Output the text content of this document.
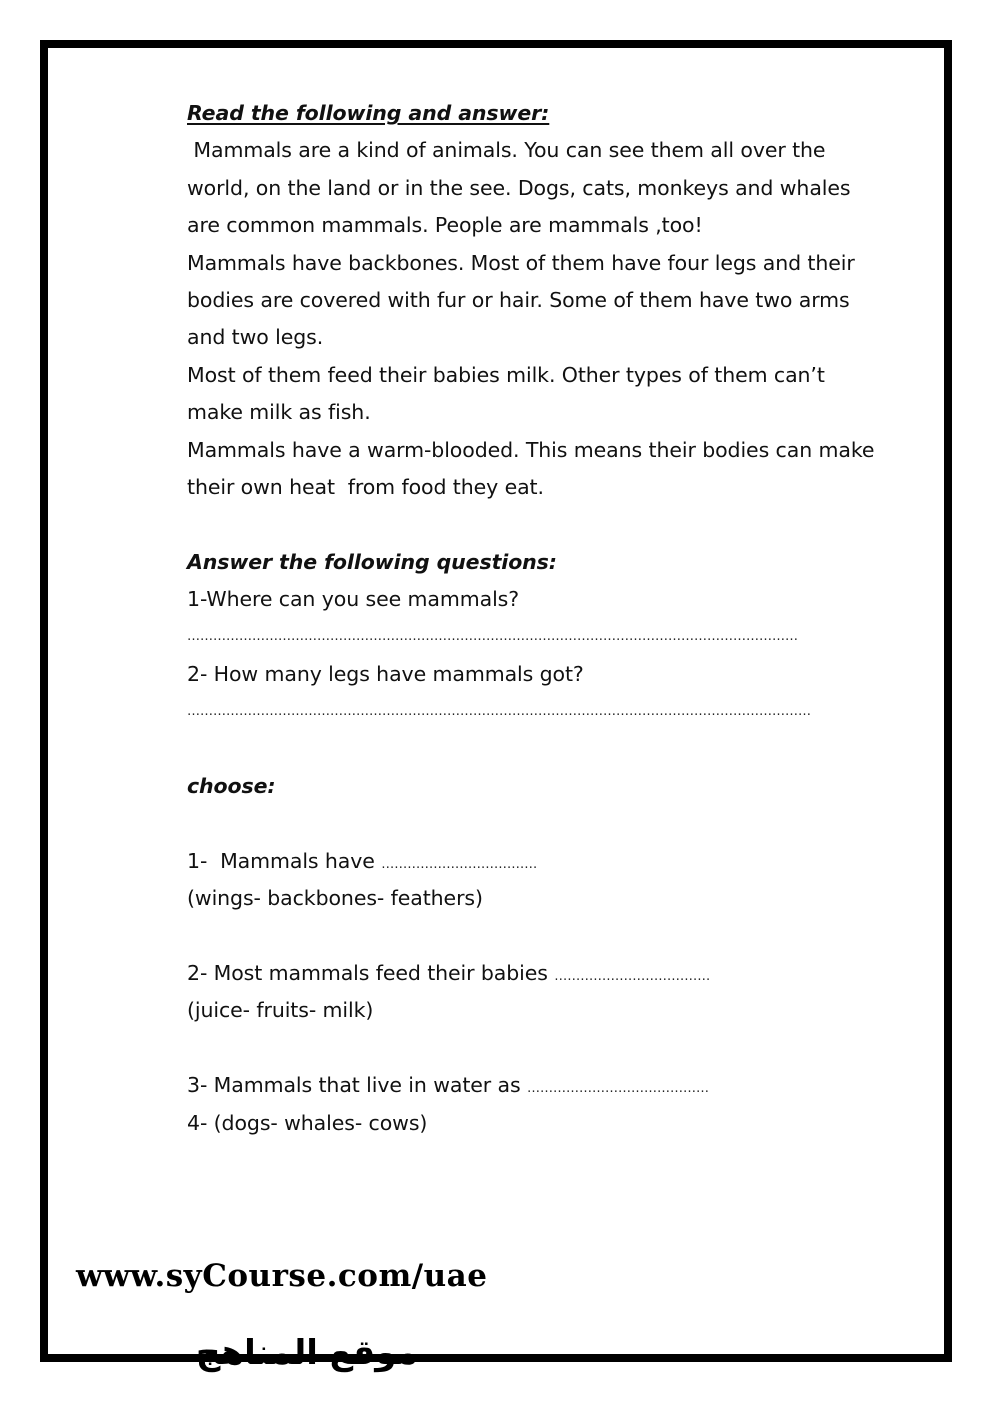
Read the following and answer:
Mammals are a kind of animals. You can see them all over the
world, on the land or in the see. Dogs, cats, monkeys and whales
are common mammals. People are mammals ,too!
Mammals have backbones. Most of them have four legs and their
bodies are covered with fur or hair. Some of them have two arms
and two legs.
Most of them feed their babies milk. Other types of them can’t
make milk as fish.
Mammals have a warm-blooded. This means their bodies can make
their own heat  from food they eat.
Answer the following questions:
1-Where can you see mammals?
……………………………………………………………………………………………………………………………
2- How many legs have mammals got?
………………………………………………………………………………………………………………………………
choose:
1-  Mammals have ………………………………
(wings- backbones- feathers)
2- Most mammals feed their babies ………………………………
(juice- fruits- milk)
3- Mammals that live in water as ……………………………………
4- (dogs- whales- cows)
www.syCourse.com/uae
موقع المناهج
